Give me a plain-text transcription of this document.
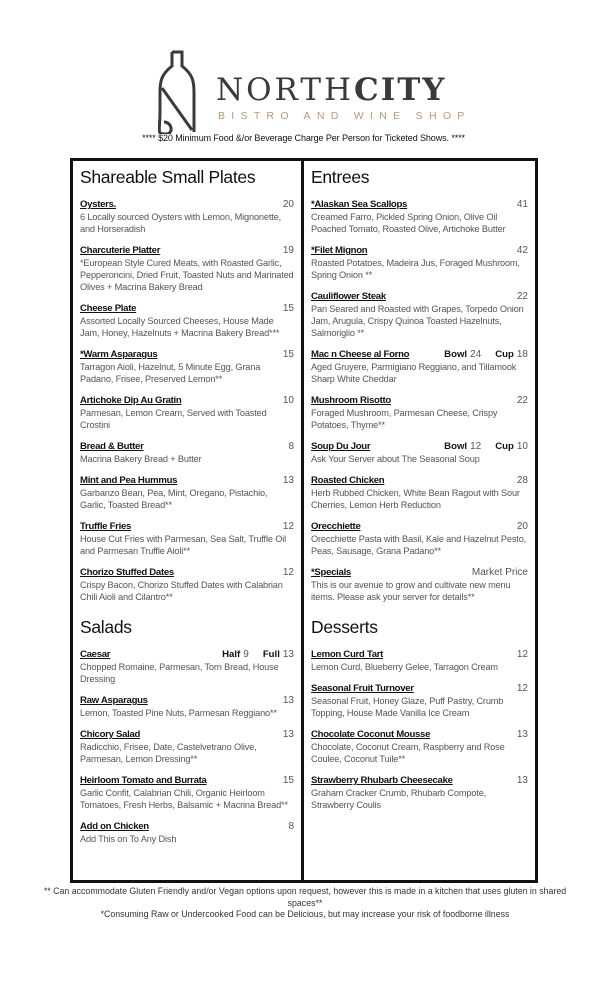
NORTHCITY
BISTRO AND WINE SHOP
**** $20 Minimum Food &/or Beverage Charge Per Person for Ticketed Shows. ****
Shareable Small Plates
Oysters.	20
6 Locally sourced Oysters with Lemon, Mignonette, and Horseradish
Charcuterie Platter	19
*European Style Cured Meats, with Roasted Garlic, Pepperoncini, Dried Fruit, Toasted Nuts and Marinated Olives + Macrina Bakery Bread
Cheese Plate	15
Assorted Locally Sourced Cheeses, House Made Jam, Honey, Hazelnuts + Macrina Bakery Bread***
*Warm Asparagus	15
Tarragon Aioli, Hazelnut, 5 Minute Egg, Grana Padano, Frisee, Preserved Lemon**
Artichoke Dip Au Gratin	10
Parmesan, Lemon Cream, Served with Toasted Crostini
Bread & Butter	8
Macrina Bakery Bread + Butter
Mint and Pea Hummus	13
Garbanzo Bean, Pea, Mint, Oregano, Pistachio, Garlic, Toasted Bread**
Truffle Fries	12
House Cut Fries with Parmesan, Sea Salt, Truffle Oil and Parmesan Truffle Aioli**
Chorizo Stuffed Dates	12
Crispy Bacon, Chorizo Stuffed Dates with Calabrian Chili Aioli and Cilantro**
Salads
Caesar	Half 9 Full 13
Chopped Romaine, Parmesan, Torn Bread, House Dressing
Raw Asparagus	13
Lemon, Toasted Pine Nuts, Parmesan Reggiano**
Chicory Salad	13
Radicchio, Frisee, Date, Castelvetrano Olive, Parmesan, Lemon Dressing**
Heirloom Tomato and Burrata	15
Garlic Confit, Calabrian Chili, Organic Heirloom Tomatoes, Fresh Herbs, Balsamic + Macrina Bread**
Add on Chicken	8
Add This on To Any Dish
Entrees
*Alaskan Sea Scallops	41
Creamed Farro, Pickled Spring Onion, Olive Oil Poached Tomato, Roasted Olive, Artichoke Butter
*Filet Mignon	42
Roasted Potatoes, Madeira Jus, Foraged Mushroom, Spring Onion **
Cauliflower Steak	22
Pan Seared and Roasted with Grapes, Torpedo Onion Jam, Arugula, Crispy Quinoa Toasted Hazelnuts, Salmoriglio **
Mac n Cheese al Forno	Bowl 24 Cup 18
Aged Gruyere, Parmigiano Reggiano, and Tillamook Sharp White Cheddar
Mushroom Risotto	22
Foraged Mushroom, Parmesan Cheese, Crispy Potatoes, Thyme**
Soup Du Jour	Bowl 12 Cup 10
Ask Your Server about The Seasonal Soup
Roasted Chicken	28
Herb Rubbed Chicken, White Bean Ragout with Sour Cherries, Lemon Herb Reduction
Orecchiette	20
Orecchiette Pasta with Basil, Kale and Hazelnut Pesto, Peas, Sausage, Grana Padano**
*Specials	Market Price
This is our avenue to grow and cultivate new menu items. Please ask your server for details**
Desserts
Lemon Curd Tart	12
Lemon Curd, Blueberry Gelee, Tarragon Cream
Seasonal Fruit Turnover	12
Seasonal Fruit, Honey Glaze, Puff Pastry, Crumb Topping, House Made Vanilla Ice Cream
Chocolate Coconut Mousse	13
Chocolate, Coconut Cream, Raspberry and Rose Coulee, Coconut Tuile**
Strawberry Rhubarb Cheesecake	13
Graham Cracker Crumb, Rhubarb Compote, Strawberry Coulis
** Can accommodate Gluten Friendly and/or Vegan options upon request, however this is made in a kitchen that uses gluten in shared spaces**
*Consuming Raw or Undercooked Food can be Delicious, but may increase your risk of foodborne illness
